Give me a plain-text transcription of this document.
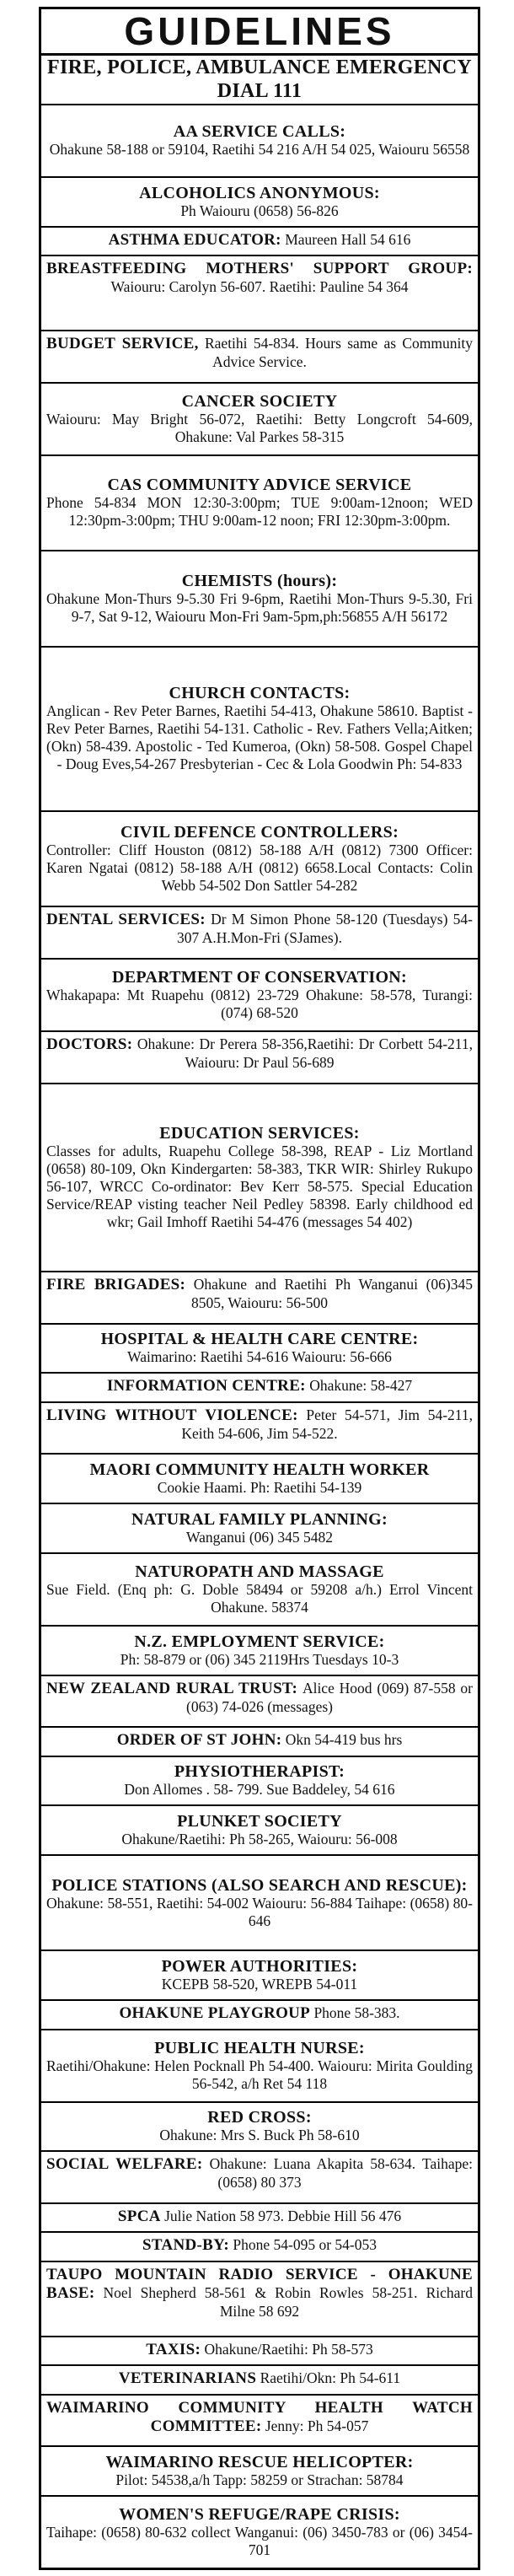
GUIDELINES
FIRE, POLICE, AMBULANCE EMERGENCY DIAL 111
AA SERVICE CALLS:
Ohakune 58-188 or 59104, Raetihi 54 216 A/H 54 025, Waiouru 56558
ALCOHOLICS ANONYMOUS:
Ph Waiouru (0658) 56-826
ASTHMA EDUCATOR: Maureen Hall 54 616
BREASTFEEDING MOTHERS' SUPPORT GROUP: Waiouru: Carolyn 56-607. Raetihi: Pauline 54 364
BUDGET SERVICE, Raetihi 54-834. Hours same as Community Advice Service.
CANCER SOCIETY
Waiouru: May Bright 56-072, Raetihi: Betty Longcroft 54-609, Ohakune: Val Parkes 58-315
CAS COMMUNITY ADVICE SERVICE
Phone 54-834 MON 12:30-3:00pm; TUE 9:00am-12noon; WED 12:30pm-3:00pm; THU 9:00am-12 noon; FRI 12:30pm-3:00pm.
CHEMISTS (hours):
Ohakune Mon-Thurs 9-5.30 Fri 9-6pm, Raetihi Mon-Thurs 9-5.30, Fri 9-7, Sat 9-12, Waiouru Mon-Fri 9am-5pm,ph:56855 A/H 56172
CHURCH CONTACTS:
Anglican - Rev Peter Barnes, Raetihi 54-413, Ohakune 58610. Baptist - Rev Peter Barnes, Raetihi 54-131. Catholic - Rev. Fathers Vella;Aitken; (Okn) 58-439. Apostolic - Ted Kumeroa, (Okn) 58-508. Gospel Chapel - Doug Eves,54-267 Presbyterian - Cec & Lola Goodwin Ph: 54-833
CIVIL DEFENCE CONTROLLERS:
Controller: Cliff Houston (0812) 58-188 A/H (0812) 7300 Officer: Karen Ngatai (0812) 58-188 A/H (0812) 6658.Local Contacts: Colin Webb 54-502 Don Sattler 54-282
DENTAL SERVICES: Dr M Simon Phone 58-120 (Tuesdays) 54-307 A.H.Mon-Fri (SJames).
DEPARTMENT OF CONSERVATION:
Whakapapa: Mt Ruapehu (0812) 23-729 Ohakune: 58-578, Turangi: (074) 68-520
DOCTORS: Ohakune: Dr Perera 58-356,Raetihi: Dr Corbett 54-211, Waiouru: Dr Paul 56-689
EDUCATION SERVICES:
Classes for adults, Ruapehu College 58-398, REAP - Liz Mortland (0658) 80-109, Okn Kindergarten: 58-383, TKR WIR: Shirley Rukupo 56-107, WRCC Co-ordinator: Bev Kerr 58-575. Special Education Service/REAP visting teacher Neil Pedley 58398. Early childhood ed wkr; Gail Imhoff Raetihi 54-476 (messages 54 402)
FIRE BRIGADES: Ohakune and Raetihi Ph Wanganui (06)345 8505, Waiouru: 56-500
HOSPITAL & HEALTH CARE CENTRE:
Waimarino: Raetihi 54-616 Waiouru: 56-666
INFORMATION CENTRE: Ohakune: 58-427
LIVING WITHOUT VIOLENCE: Peter 54-571, Jim 54-211, Keith 54-606, Jim 54-522.
MAORI COMMUNITY HEALTH WORKER
Cookie Haami. Ph: Raetihi 54-139
NATURAL FAMILY PLANNING:
Wanganui (06) 345 5482
NATUROPATH AND MASSAGE
Sue Field. (Enq ph: G. Doble 58494 or 59208 a/h.) Errol Vincent Ohakune. 58374
N.Z. EMPLOYMENT SERVICE:
Ph: 58-879 or (06) 345 2119Hrs Tuesdays 10-3
NEW ZEALAND RURAL TRUST: Alice Hood (069) 87-558 or (063) 74-026 (messages)
ORDER OF ST JOHN: Okn 54-419 bus hrs
PHYSIOTHERAPIST:
Don Allomes . 58- 799. Sue Baddeley, 54 616
PLUNKET SOCIETY
Ohakune/Raetihi: Ph 58-265, Waiouru: 56-008
POLICE STATIONS (ALSO SEARCH AND RESCUE):
Ohakune: 58-551, Raetihi: 54-002 Waiouru: 56-884 Taihape: (0658) 80-646
POWER AUTHORITIES:
KCEPB 58-520, WREPB 54-011
OHAKUNE PLAYGROUP Phone 58-383.
PUBLIC HEALTH NURSE:
Raetihi/Ohakune: Helen Pocknall Ph 54-400. Waiouru: Mirita Goulding 56-542, a/h Ret 54 118
RED CROSS:
Ohakune: Mrs S. Buck Ph 58-610
SOCIAL WELFARE: Ohakune: Luana Akapita 58-634. Taihape: (0658) 80 373
SPCA Julie Nation 58 973. Debbie Hill 56 476
STAND-BY: Phone 54-095 or 54-053
TAUPO MOUNTAIN RADIO SERVICE - OHAKUNE BASE: Noel Shepherd 58-561 & Robin Rowles 58-251. Richard Milne 58 692
TAXIS: Ohakune/Raetihi: Ph 58-573
VETERINARIANS Raetihi/Okn: Ph 54-611
WAIMARINO COMMUNITY HEALTH WATCH COMMITTEE: Jenny: Ph 54-057
WAIMARINO RESCUE HELICOPTER:
Pilot: 54538,a/h Tapp: 58259 or Strachan: 58784
WOMEN'S REFUGE/RAPE CRISIS:
Taihape: (0658) 80-632 collect Wanganui: (06) 3450-783 or (06) 3454-701
